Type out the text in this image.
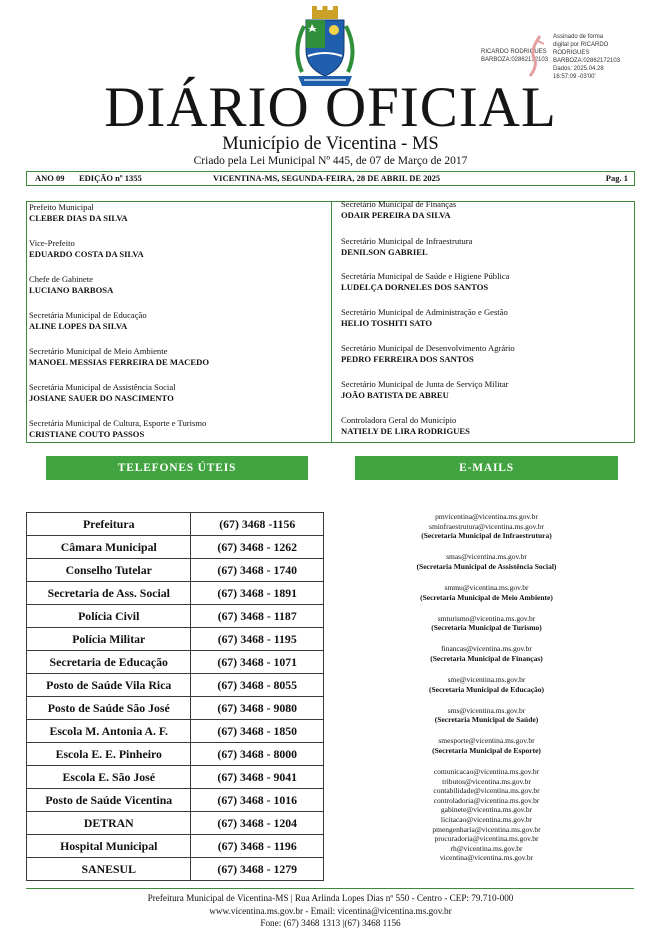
RICARDO RODRIGUES
BARBOZA:02862172103
Assinado de forma
digital por RICARDO
RODRIGUES
BARBOZA:02862172103
Dados: 2025.04.28
16:57:09 -03'00'
DIÁRIO OFICIAL
Município de Vicentina - MS
Criado pela Lei Municipal Nº 445, de 07 de Março de 2017
ANO 09 EDIÇÃO nº 1355	VICENTINA-MS, SEGUNDA-FEIRA, 28 DE ABRIL DE 2025	Pag. 1
Prefeito Municipal
CLEBER DIAS DA SILVA
Vice-Prefeito
EDUARDO COSTA DA SILVA
Chefe de Gabinete
LUCIANO BARBOSA
Secretária Municipal de Educação
ALINE LOPES DA SILVA
Secretário Municipal de Meio Ambiente
MANOEL MESSIAS FERREIRA DE MACEDO
Secretária Municipal de Assistência Social
JOSIANE SAUER DO NASCIMENTO
Secretária Municipal de Cultura, Esporte e Turismo
CRISTIANE COUTO PASSOS
Secretário Municipal de Finanças
ODAIR PEREIRA DA SILVA
Secretário Municipal de Infraestrutura
DENILSON GABRIEL
Secretária Municipal de Saúde e Higiene Pública
LUDELÇA DORNELES DOS SANTOS
Secretário Municipal de Administração e Gestão
HELIO TOSHITI SATO
Secretário Municipal de Desenvolvimento Agrário
PEDRO FERREIRA DOS SANTOS
Secretário Municipal de Junta de Serviço Militar
JOÃO BATISTA DE ABREU
Controladora Geral do Município
NATIELY DE LIRA RODRIGUES
TELEFONES ÚTEIS	E-MAILS
Prefeitura	(67) 3468 -1156
Câmara Municipal	(67) 3468 - 1262
Conselho Tutelar	(67) 3468 - 1740
Secretaria de Ass. Social	(67) 3468 - 1891
Polícia Civil	(67) 3468 - 1187
Polícia Militar	(67) 3468 - 1195
Secretaria de Educação	(67) 3468 - 1071
Posto de Saúde Vila Rica	(67) 3468 - 8055
Posto de Saúde São José	(67) 3468 - 9080
Escola M. Antonia A. F.	(67) 3468 - 1850
Escola E. E. Pinheiro	(67) 3468 - 8000
Escola E. São José	(67) 3468 - 9041
Posto de Saúde Vicentina	(67) 3468 - 1016
DETRAN	(67) 3468 - 1204
Hospital Municipal	(67) 3468 - 1196
SANESUL	(67) 3468 - 1279
pmvicentina@vicentina.ms.gov.br
sminfraestrutura@vicentina.ms.gov.br
(Secretaria Municipal de Infraestrutura)
smas@vicentina.ms.gov.br
(Secretaria Municipal de Assistência Social)
smmu@vicentina.ms.gov.br
(Secretaria Municipal de Meio Ambiente)
smturismo@vicentina.ms.gov.br
(Secretaria Municipal de Turismo)
financas@vicentina.ms.gov.br
(Secretaria Municipal de Finanças)
sme@vicentina.ms.gov.br
(Secretaria Municipal de Educação)
sms@vicentina.ms.gov.br
(Secretaria Municipal de Saúde)
smesporte@vicentina.ms.gov.br
(Secretaria Municipal de Esporte)
comunicacao@vicentina.ms.gov.br
tributos@vicentina.ms.gov.br
contabilidade@vicentina.ms.gov.br
controladoria@vicentina.ms.gov.br
gabinete@vicentina.ms.gov.br
licitacao@vicentina.ms.gov.br
pmengenharia@vicentina.ms.gov.br
procuradoria@vicentina.ms.gov.br
rh@vicentina.ms.gov.br
vicentina@vicentina.ms.gov.br
Prefeitura Municipal de Vicentina-MS | Rua Arlinda Lopes Dias nº 550 - Centro - CEP: 79.710-000
www.vicentina.ms.gov.br - Email: vicentina@vicentina.ms.gov.br
Fone: (67) 3468 1313 |(67) 3468 1156
